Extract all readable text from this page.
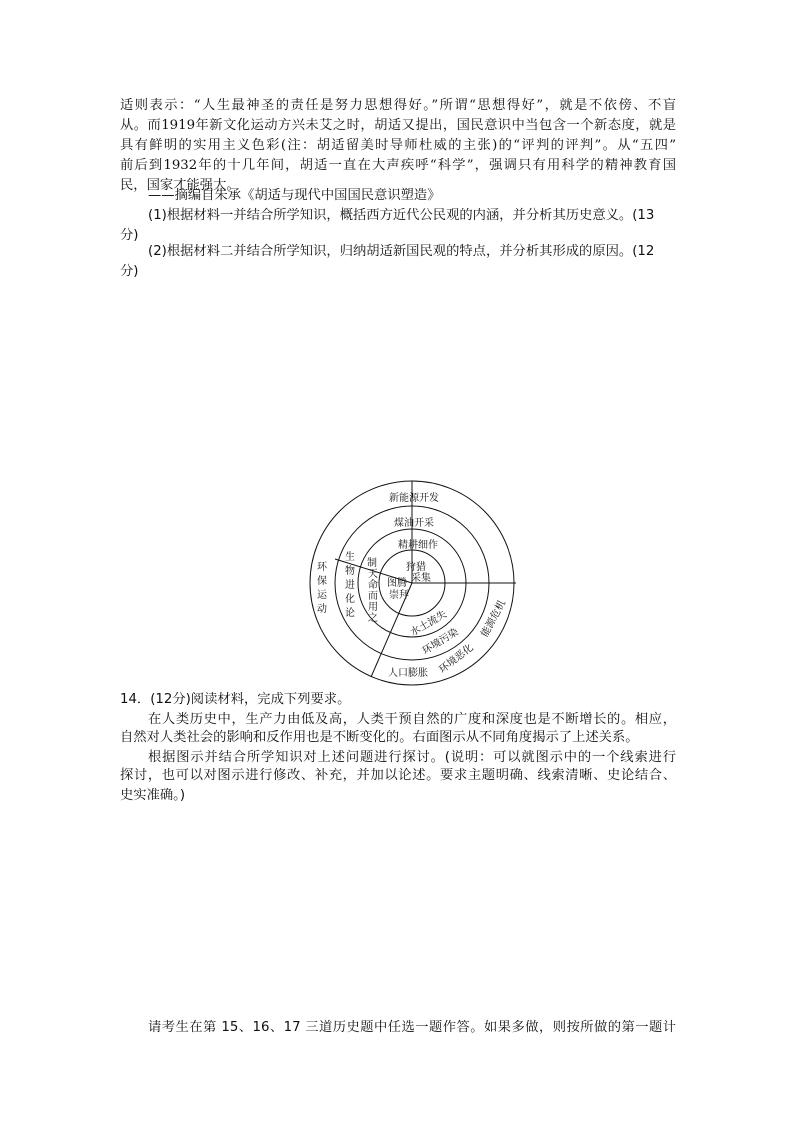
适则表示：“人生最神圣的责任是努力思想得好。”所谓“思想得好”，就是不依傍、不盲
从。而1919年新文化运动方兴未艾之时，胡适又提出，国民意识中当包含一个新态度，就是
具有鲜明的实用主义色彩(注：胡适留美时导师杜威的主张)的“评判的评判”。从“五四”
前后到1932年的十几年间，胡适一直在大声疾呼“科学”，强调只有用科学的精神教育国
民，国家才能强大。
——摘编自朱承《胡适与现代中国国民意识塑造》
(1)根据材料一并结合所学知识，概括西方近代公民观的内涵，并分析其历史意义。(13
分)
(2)根据材料二并结合所学知识，归纳胡适新国民观的特点，并分析其形成的原因。(12
分)
新能源开发
煤油开采
精耕细作
狩猎
采集
图腾
崇拜
制
天
命
而
用
之
生
物
进
化
论
环
保
运
动	水土流失
环境污染
环境恶化
能源危机
人口膨胀
14．(12分)阅读材料，完成下列要求。
在人类历史中，生产力由低及高，人类干预自然的广度和深度也是不断增长的。相应，
自然对人类社会的影响和反作用也是不断变化的。右面图示从不同角度揭示了上述关系。
根据图示并结合所学知识对上述问题进行探讨。(说明：可以就图示中的一个线索进行
探讨，也可以对图示进行修改、补充，并加以论述。要求主题明确、线索清晰、史论结合、
史实准确。)
请考生在第 15、16、17 三道历史题中任选一题作答。如果多做，则按所做的第一题计
